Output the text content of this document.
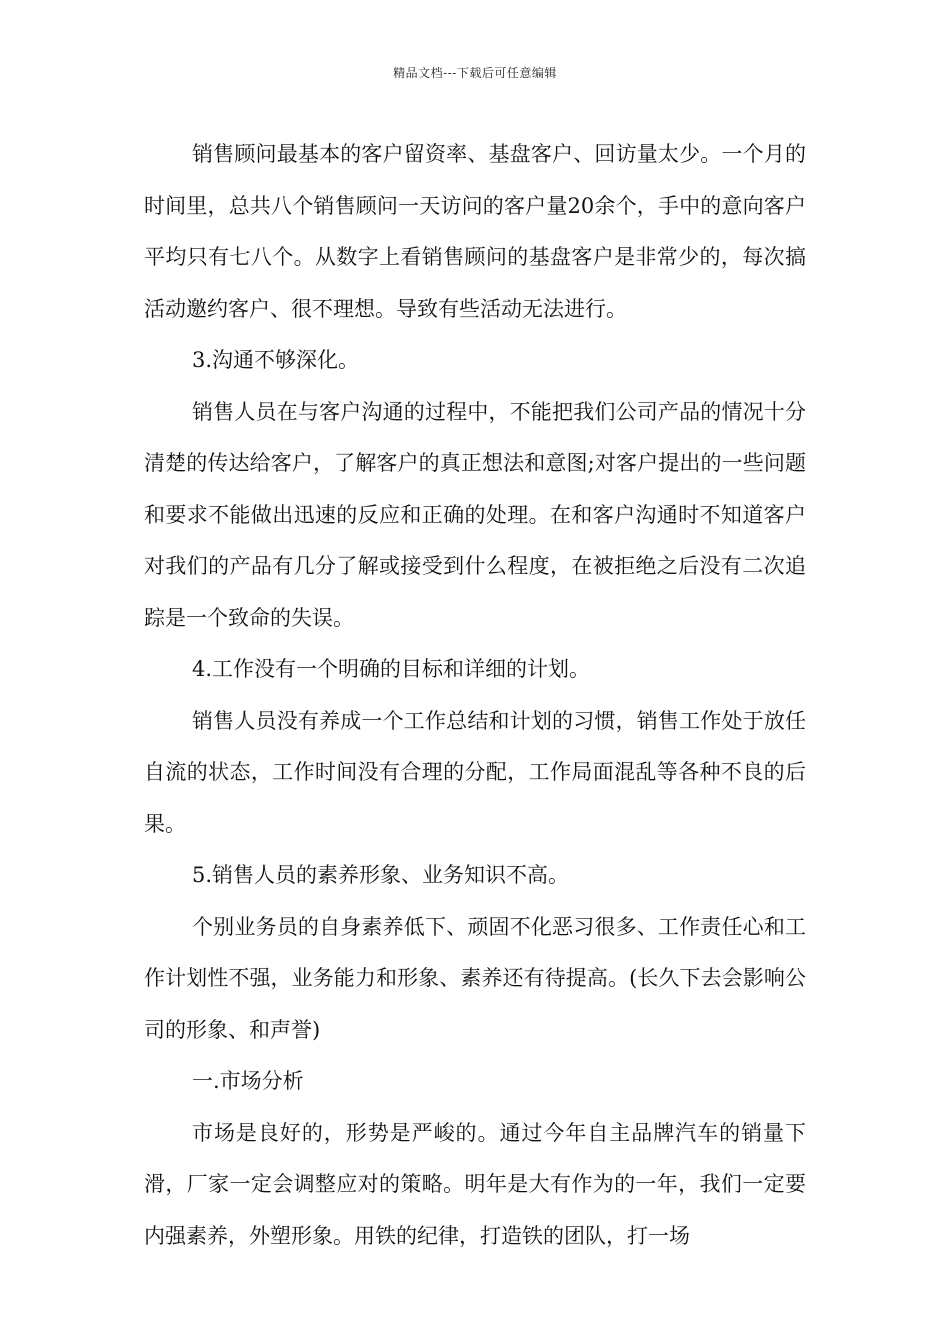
精品文档---下载后可任意编辑

销售顾问最基本的客户留资率、基盘客户、回访量太少。一个月的时间里，总共八个销售顾问一天访问的客户量20余个，手中的意向客户平均只有七八个。从数字上看销售顾问的基盘客户是非常少的，每次搞活动邀约客户、很不理想。导致有些活动无法进行。

3.沟通不够深化。

销售人员在与客户沟通的过程中，不能把我们公司产品的情况十分清楚的传达给客户，了解客户的真正想法和意图;对客户提出的一些问题和要求不能做出迅速的反应和正确的处理。在和客户沟通时不知道客户对我们的产品有几分了解或接受到什么程度，在被拒绝之后没有二次追踪是一个致命的失误。

4.工作没有一个明确的目标和详细的计划。

销售人员没有养成一个工作总结和计划的习惯，销售工作处于放任自流的状态，工作时间没有合理的分配，工作局面混乱等各种不良的后果。

5.销售人员的素养形象、业务知识不高。

个别业务员的自身素养低下、顽固不化恶习很多、工作责任心和工作计划性不强，业务能力和形象、素养还有待提高。(长久下去会影响公司的形象、和声誉)

一.市场分析

市场是良好的，形势是严峻的。通过今年自主品牌汽车的销量下滑，厂家一定会调整应对的策略。明年是大有作为的一年，我们一定要内强素养，外塑形象。用铁的纪律，打造铁的团队，打一场
